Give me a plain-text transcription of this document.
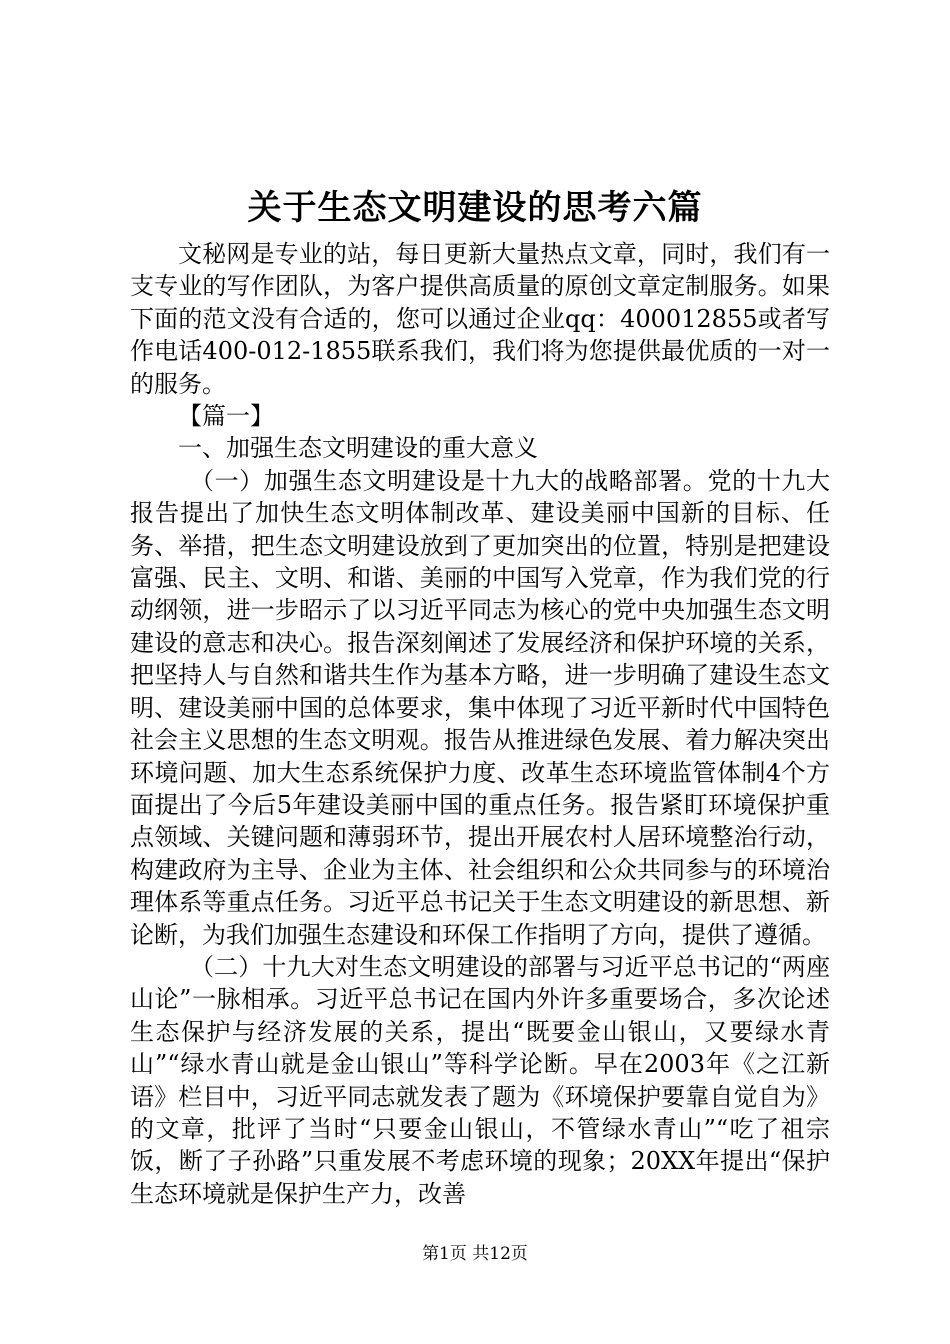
关于生态文明建设的思考六篇

文秘网是专业的站，每日更新大量热点文章，同时，我们有一支专业的写作团队，为客户提供高质量的原创文章定制服务。如果下面的范文没有合适的，您可以通过企业qq：400012855或者写作电话400-012-1855联系我们，我们将为您提供最优质的一对一的服务。

【篇一】

一、加强生态文明建设的重大意义

（一）加强生态文明建设是十九大的战略部署。党的十九大报告提出了加快生态文明体制改革、建设美丽中国新的目标、任务、举措，把生态文明建设放到了更加突出的位置，特别是把建设富强、民主、文明、和谐、美丽的中国写入党章，作为我们党的行动纲领，进一步昭示了以习近平同志为核心的党中央加强生态文明建设的意志和决心。报告深刻阐述了发展经济和保护环境的关系，把坚持人与自然和谐共生作为基本方略，进一步明确了建设生态文明、建设美丽中国的总体要求，集中体现了习近平新时代中国特色社会主义思想的生态文明观。报告从推进绿色发展、着力解决突出环境问题、加大生态系统保护力度、改革生态环境监管体制4个方面提出了今后5年建设美丽中国的重点任务。报告紧盯环境保护重点领域、关键问题和薄弱环节，提出开展农村人居环境整治行动，构建政府为主导、企业为主体、社会组织和公众共同参与的环境治理体系等重点任务。习近平总书记关于生态文明建设的新思想、新论断，为我们加强生态建设和环保工作指明了方向，提供了遵循。

（二）十九大对生态文明建设的部署与习近平总书记的“两座山论”一脉相承。习近平总书记在国内外许多重要场合，多次论述生态保护与经济发展的关系，提出“既要金山银山，又要绿水青山”“绿水青山就是金山银山”等科学论断。早在2003年《之江新语》栏目中，习近平同志就发表了题为《环境保护要靠自觉自为》的文章，批评了当时“只要金山银山，不管绿水青山”“吃了祖宗饭，断了子孙路”只重发展不考虑环境的现象；20XX年提出“保护生态环境就是保护生产力，改善

第1页 共12页
